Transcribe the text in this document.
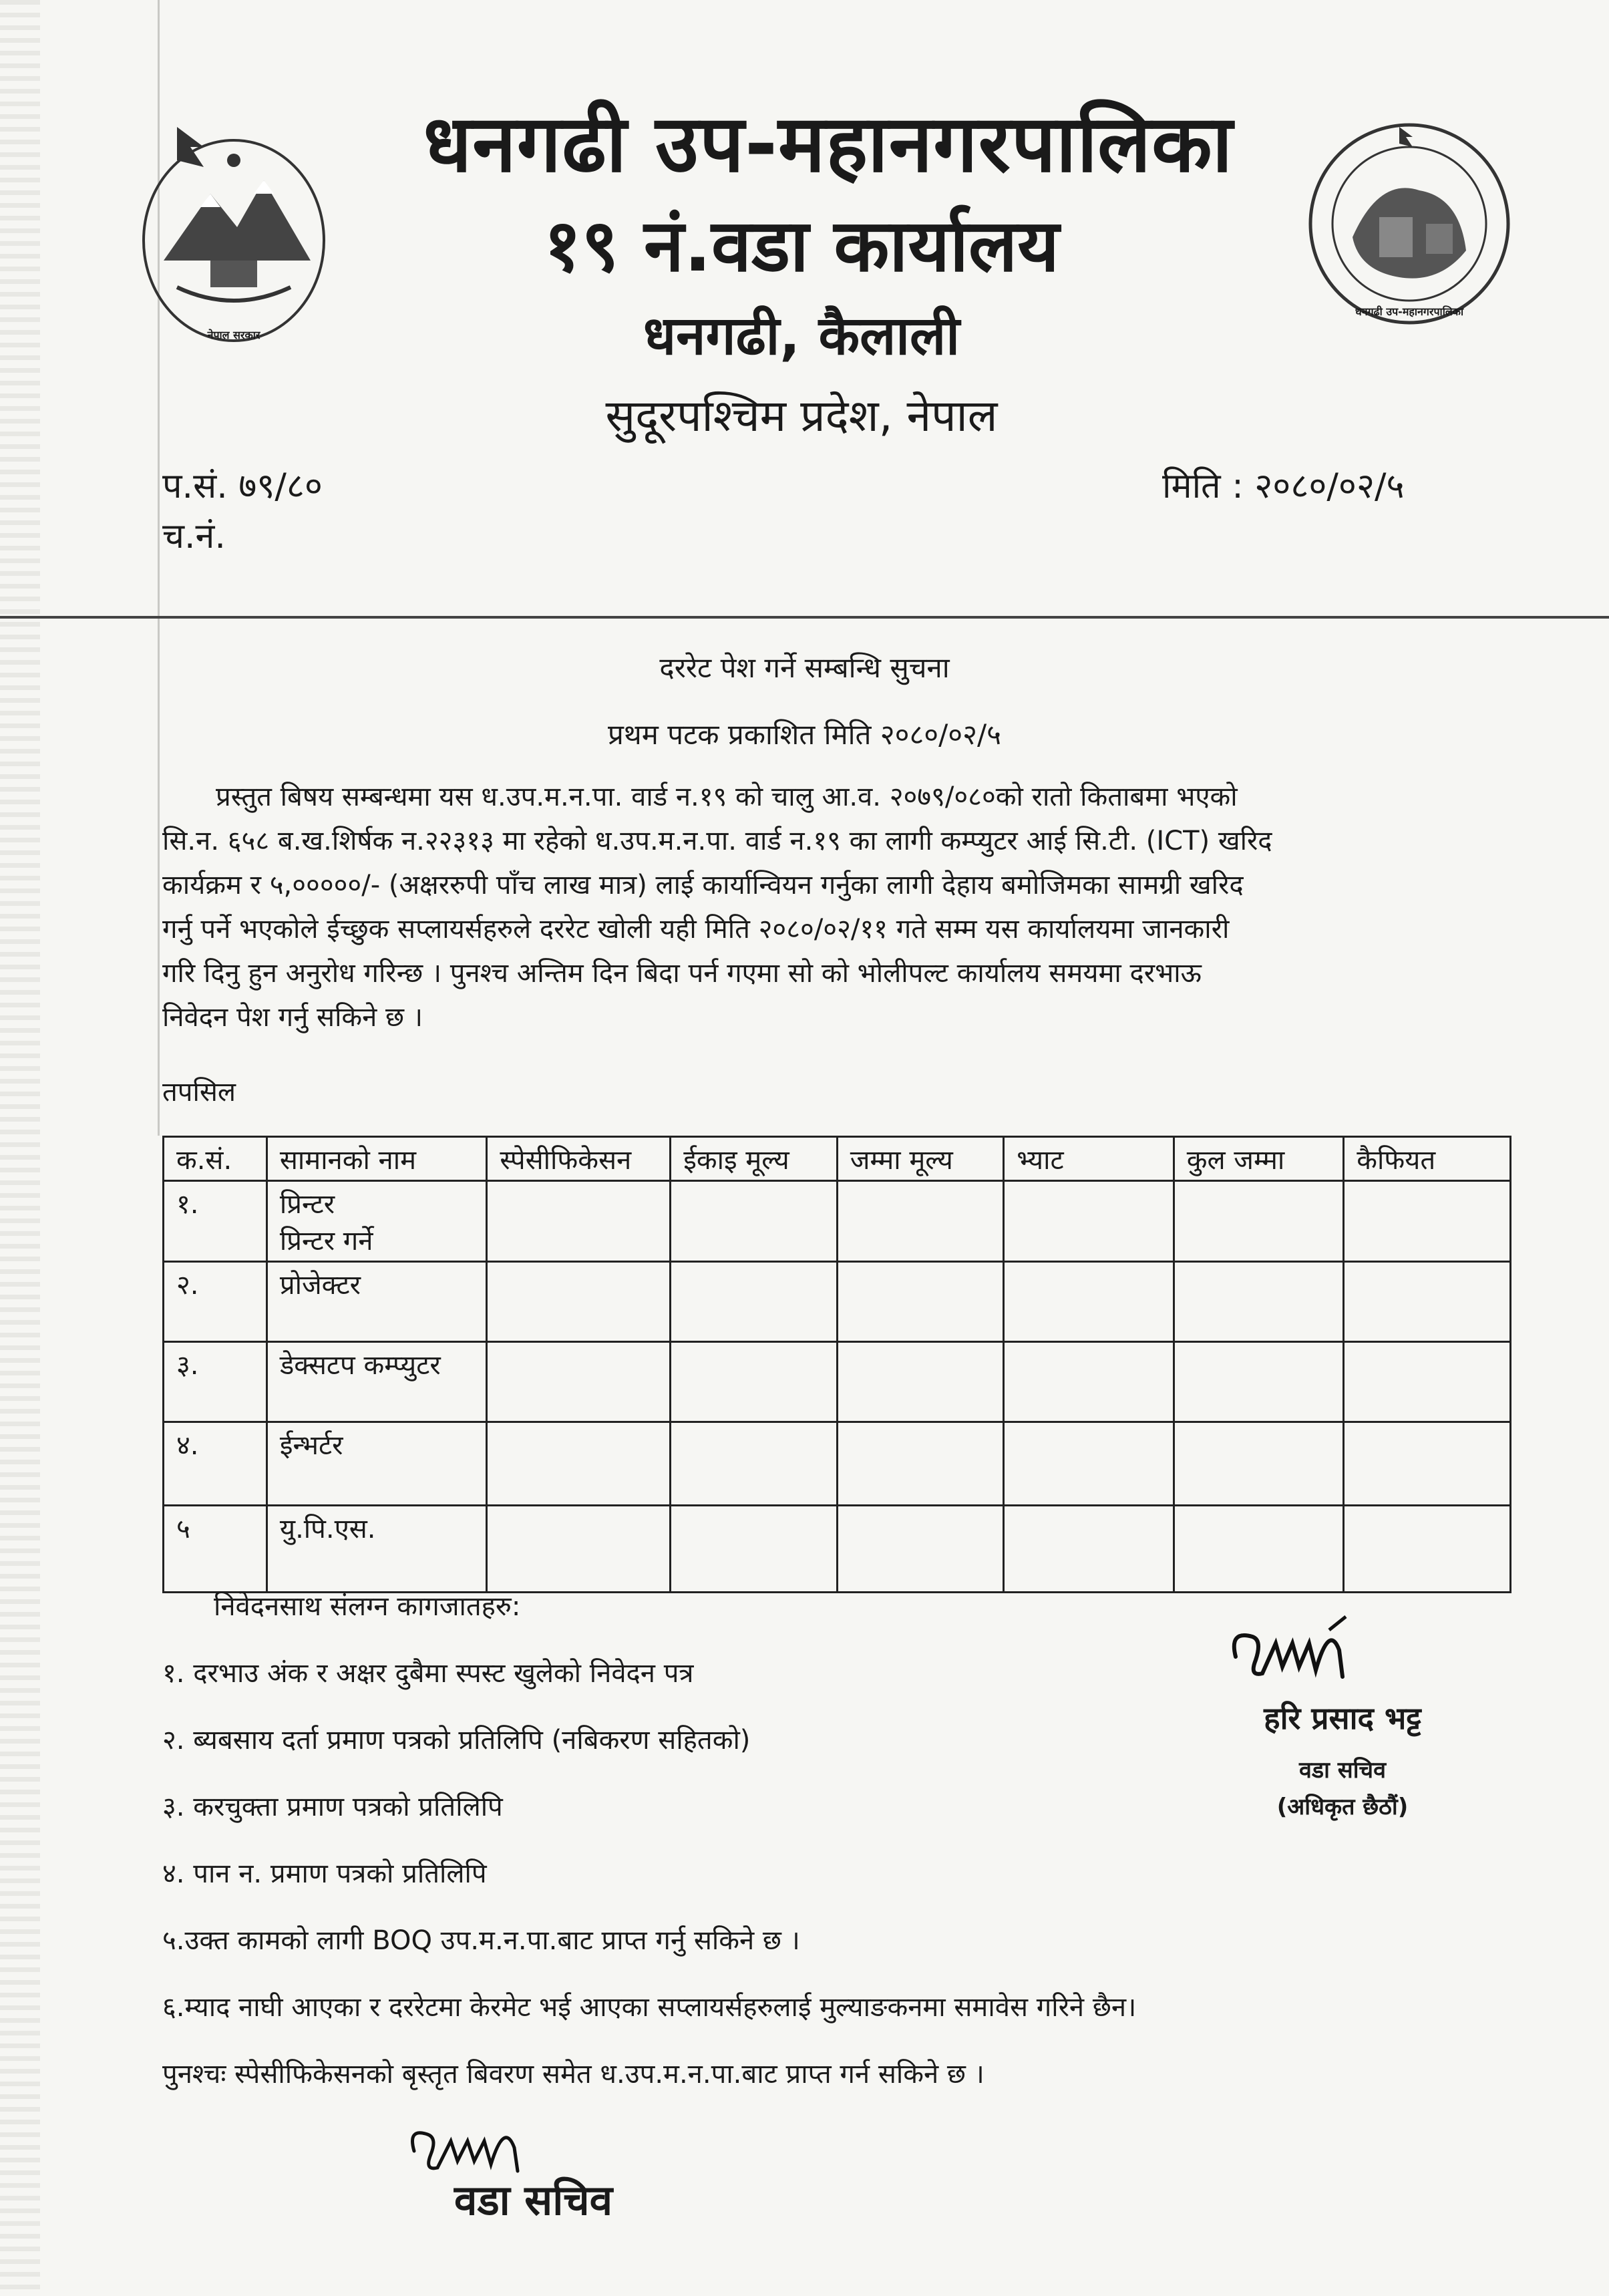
नेपाल सरकार
धनगढी उप-महानगरपालिका
धनगढी उप-महानगरपालिका
१९ नं.वडा कार्यालय
धनगढी, कैलाली
सुदूरपश्चिम प्रदेश, नेपाल
प.सं. ७९/८०
च.नं.
मिति : २०८०/०२/५
दररेट पेश गर्ने सम्बन्धि सुचना
प्रथम पटक प्रकाशित मिति २०८०/०२/५
प्रस्तुत बिषय सम्बन्धमा यस ध.उप.म.न.पा. वार्ड न.१९ को चालु आ.व. २०७९/०८०को रातो किताबमा भएको
सि.न. ६५८ ब.ख.शिर्षक न.२२३१३ मा रहेको ध.उप.म.न.पा. वार्ड न.१९ का लागी कम्प्युटर आई सि.टी. (ICT) खरिद
कार्यक्रम र ५,०००००/- (अक्षररुपी पाँच लाख मात्र) लाई कार्यान्वियन गर्नुका लागी देहाय बमोजिमका सामग्री खरिद
गर्नु पर्ने भएकोले ईच्छुक सप्लायर्सहरुले दररेट खोली यही मिति २०८०/०२/११ गते सम्म यस कार्यालयमा जानकारी
गरि दिनु हुन अनुरोध गरिन्छ । पुनश्च अन्तिम दिन बिदा पर्न गएमा सो को भोलीपल्ट कार्यालय समयमा दरभाऊ
निवेदन पेश गर्नु सकिने छ ।
तपसिल
क.सं.	सामानको नाम	स्पेसीफिकेसन	ईकाइ मूल्य	जम्मा मूल्य	भ्याट	कुल जम्मा	कैफियत
१.	प्रिन्टर
प्रिन्टर गर्ने						

२.	प्रोजेक्टर						
३.	डेक्सटप कम्प्युटर						
४.	ईन्भर्टर						
५	यु.पि.एस.						
निवेदनसाथ संलग्न कागजातहरु:
१. दरभाउ अंक र अक्षर दुबैमा स्पस्ट खुलेको निवेदन पत्र
२. ब्यबसाय दर्ता प्रमाण पत्रको प्रतिलिपि (नबिकरण सहितको)
३. करचुक्ता प्रमाण पत्रको प्रतिलिपि
४. पान न. प्रमाण पत्रको प्रतिलिपि
५.उक्त कामको लागी BOQ उप.म.न.पा.बाट प्राप्त गर्नु सकिने छ ।
६.म्याद नाघी आएका र दररेटमा केरमेट भई आएका सप्लायर्सहरुलाई मुल्याङकनमा समावेस गरिने छैन।
पुनश्चः स्पेसीफिकेसनको बृस्तृत बिवरण समेत ध.उप.म.न.पा.बाट प्राप्त गर्न सकिने छ ।
हरि प्रसाद भट्ट
वडा सचिव
(अधिकृत छैठौं)
वडा सचिव
